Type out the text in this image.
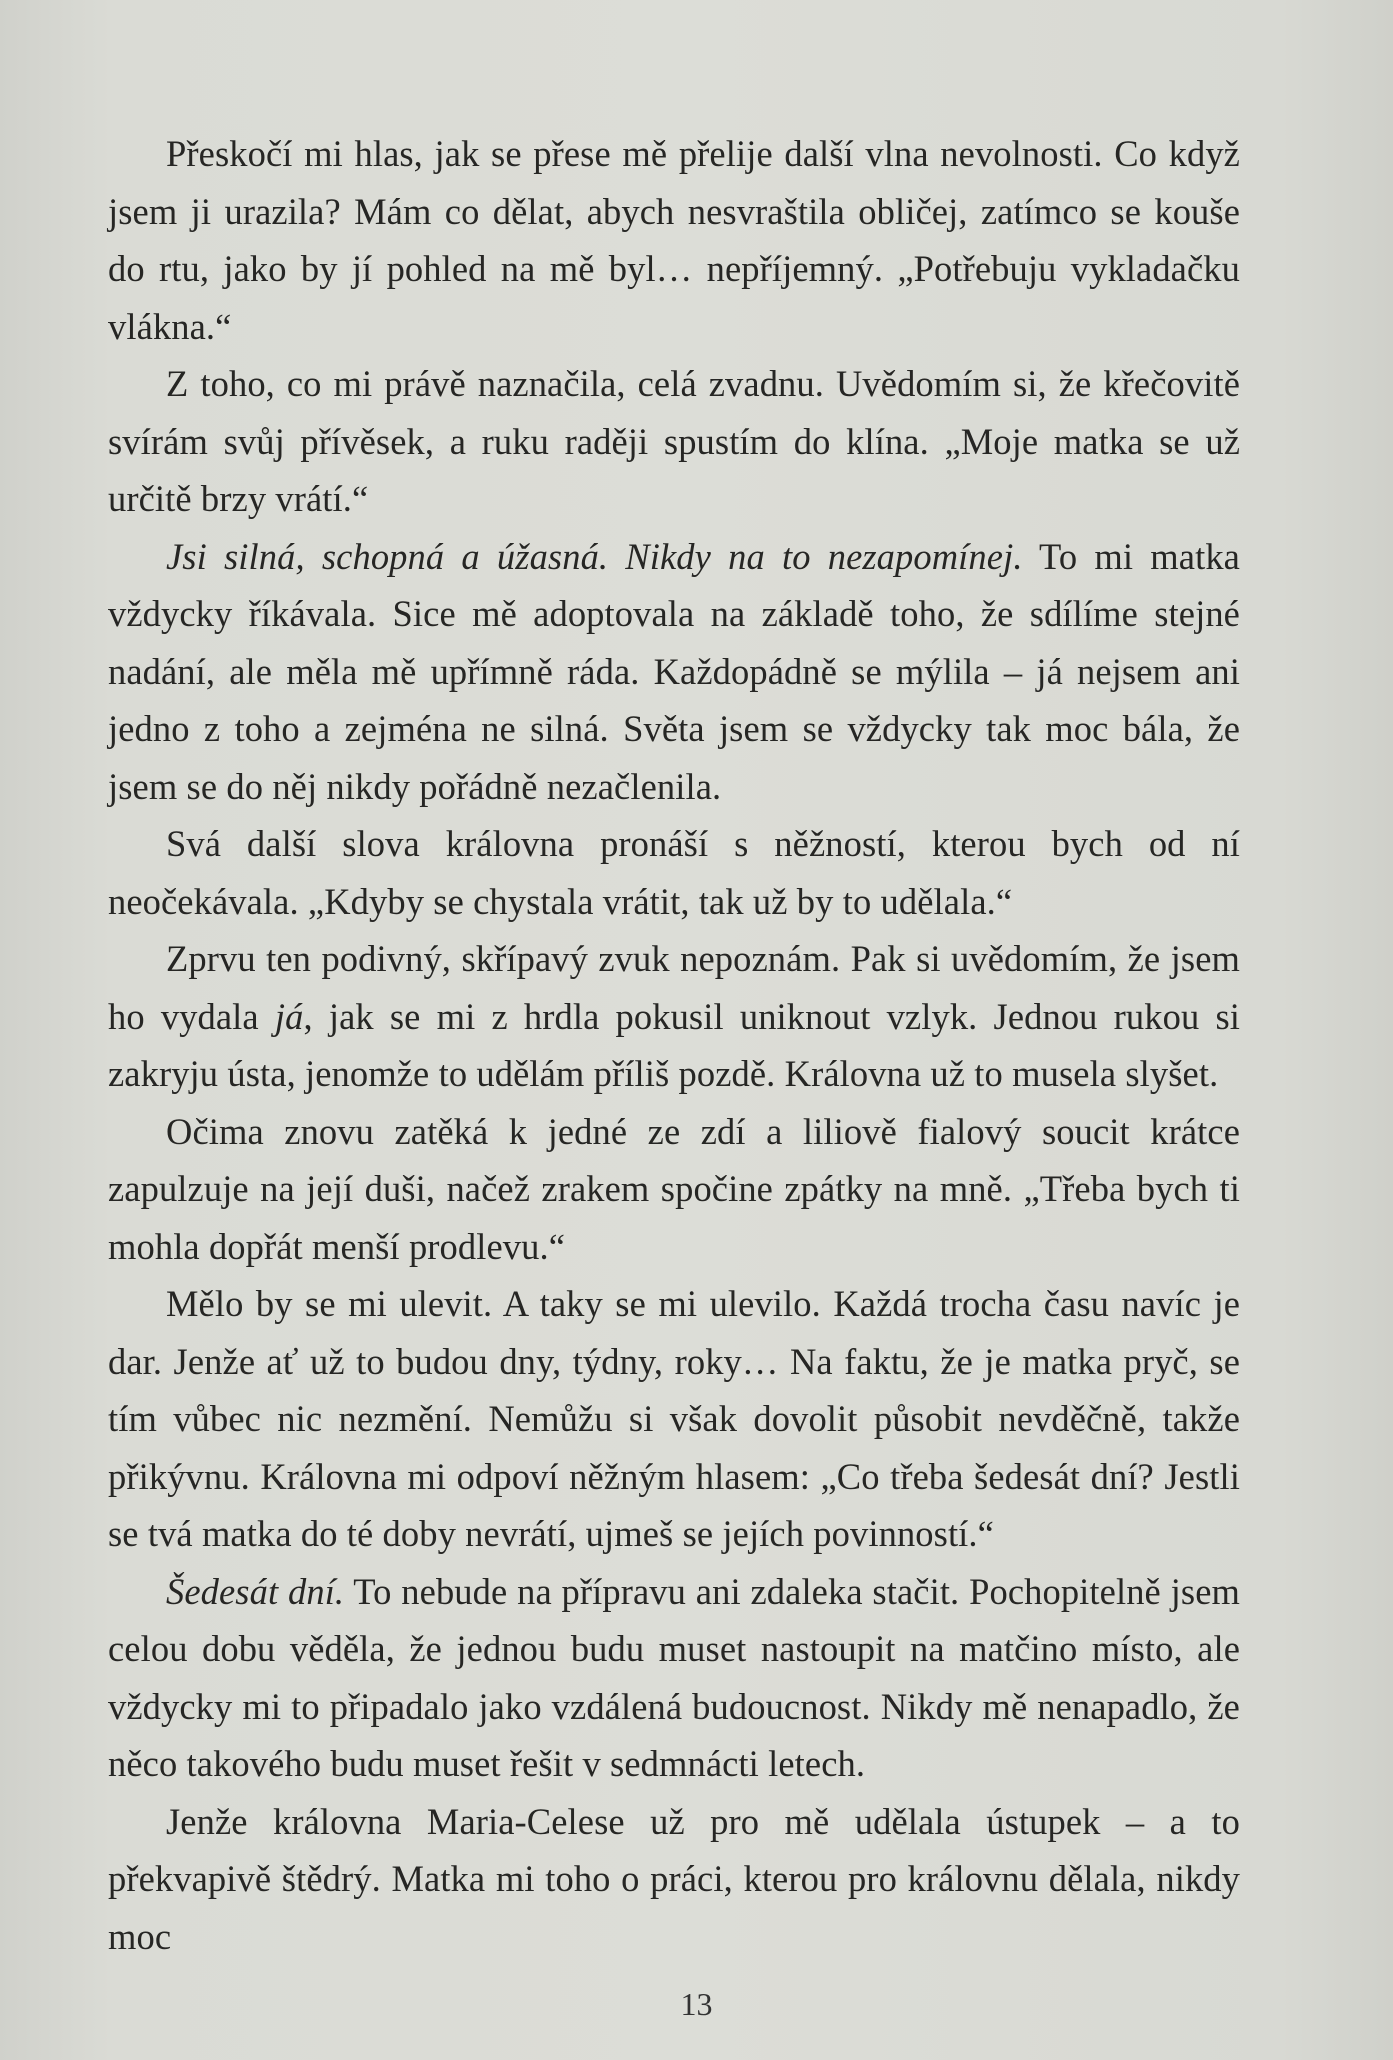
Přeskočí mi hlas, jak se přese mě přelije další vlna nevolnosti. Co když jsem ji urazila? Mám co dělat, abych nesvraštila obličej, zatímco se kouše do rtu, jako by jí pohled na mě byl… nepříjemný. „Potřebuju vykladačku vlákna.“

Z toho, co mi právě naznačila, celá zvadnu. Uvědomím si, že křečovitě svírám svůj přívěsek, a ruku raději spustím do klína. „Moje matka se už určitě brzy vrátí.“

Jsi silná, schopná a úžasná. Nikdy na to nezapomínej. To mi matka vždycky říkávala. Sice mě adoptovala na základě toho, že sdílíme stejné nadání, ale měla mě upřímně ráda. Každopádně se mýlila – já nejsem ani jedno z toho a zejména ne silná. Světa jsem se vždycky tak moc bála, že jsem se do něj nikdy pořádně nezačlenila.

Svá další slova královna pronáší s něžností, kterou bych od ní neočekávala. „Kdyby se chystala vrátit, tak už by to udělala.“

Zprvu ten podivný, skřípavý zvuk nepoznám. Pak si uvědomím, že jsem ho vydala já, jak se mi z hrdla pokusil uniknout vzlyk. Jednou rukou si zakryju ústa, jenomže to udělám příliš pozdě. Královna už to musela slyšet.

Očima znovu zatěká k jedné ze zdí a liliově fialový soucit krátce zapulzuje na její duši, načež zrakem spočine zpátky na mně. „Třeba bych ti mohla dopřát menší prodlevu.“

Mělo by se mi ulevit. A taky se mi ulevilo. Každá trocha času navíc je dar. Jenže ať už to budou dny, týdny, roky… Na faktu, že je matka pryč, se tím vůbec nic nezmění. Nemůžu si však dovolit působit nevděčně, takže přikývnu. Královna mi odpoví něžným hlasem: „Co třeba šedesát dní? Jestli se tvá matka do té doby nevrátí, ujmeš se jejích povinností.“

Šedesát dní. To nebude na přípravu ani zdaleka stačit. Pochopitelně jsem celou dobu věděla, že jednou budu muset nastoupit na matčino místo, ale vždycky mi to připadalo jako vzdálená budoucnost. Nikdy mě nenapadlo, že něco takového budu muset řešit v sedmnácti letech.

Jenže královna Maria-Celese už pro mě udělala ústupek – a to překvapivě štědrý. Matka mi toho o práci, kterou pro královnu dělala, nikdy moc

13
